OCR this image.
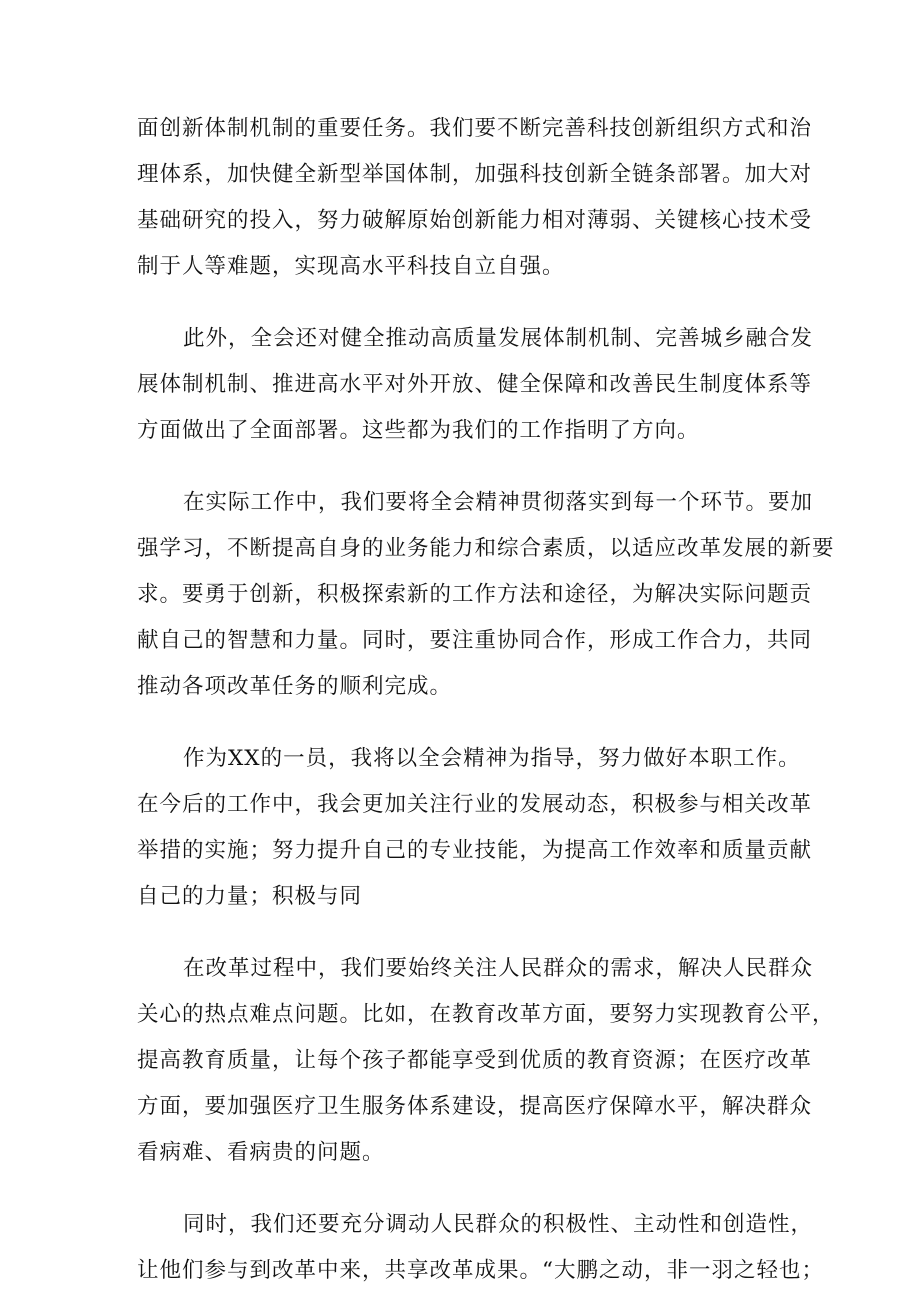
面创新体制机制的重要任务。我们要不断完善科技创新组织方式和治
理体系，加快健全新型举国体制，加强科技创新全链条部署。加大对
基础研究的投入，努力破解原始创新能力相对薄弱、关键核心技术受
制于人等难题，实现高水平科技自立自强。
此外，全会还对健全推动高质量发展体制机制、完善城乡融合发
展体制机制、推进高水平对外开放、健全保障和改善民生制度体系等
方面做出了全面部署。这些都为我们的工作指明了方向。
在实际工作中，我们要将全会精神贯彻落实到每一个环节。要加
强学习，不断提高自身的业务能力和综合素质，以适应改革发展的新要
求。要勇于创新，积极探索新的工作方法和途径，为解决实际问题贡
献自己的智慧和力量。同时，要注重协同合作，形成工作合力，共同
推动各项改革任务的顺利完成。
作为XX的一员，我将以全会精神为指导，努力做好本职工作。
在今后的工作中，我会更加关注行业的发展动态，积极参与相关改革
举措的实施；努力提升自己的专业技能，为提高工作效率和质量贡献
自己的力量；积极与同
在改革过程中，我们要始终关注人民群众的需求，解决人民群众
关心的热点难点问题。比如，在教育改革方面，要努力实现教育公平，
提高教育质量，让每个孩子都能享受到优质的教育资源；在医疗改革
方面，要加强医疗卫生服务体系建设，提高医疗保障水平，解决群众
看病难、看病贵的问题。
同时，我们还要充分调动人民群众的积极性、主动性和创造性，
让他们参与到改革中来，共享改革成果。“大鹏之动，非一羽之轻也；
